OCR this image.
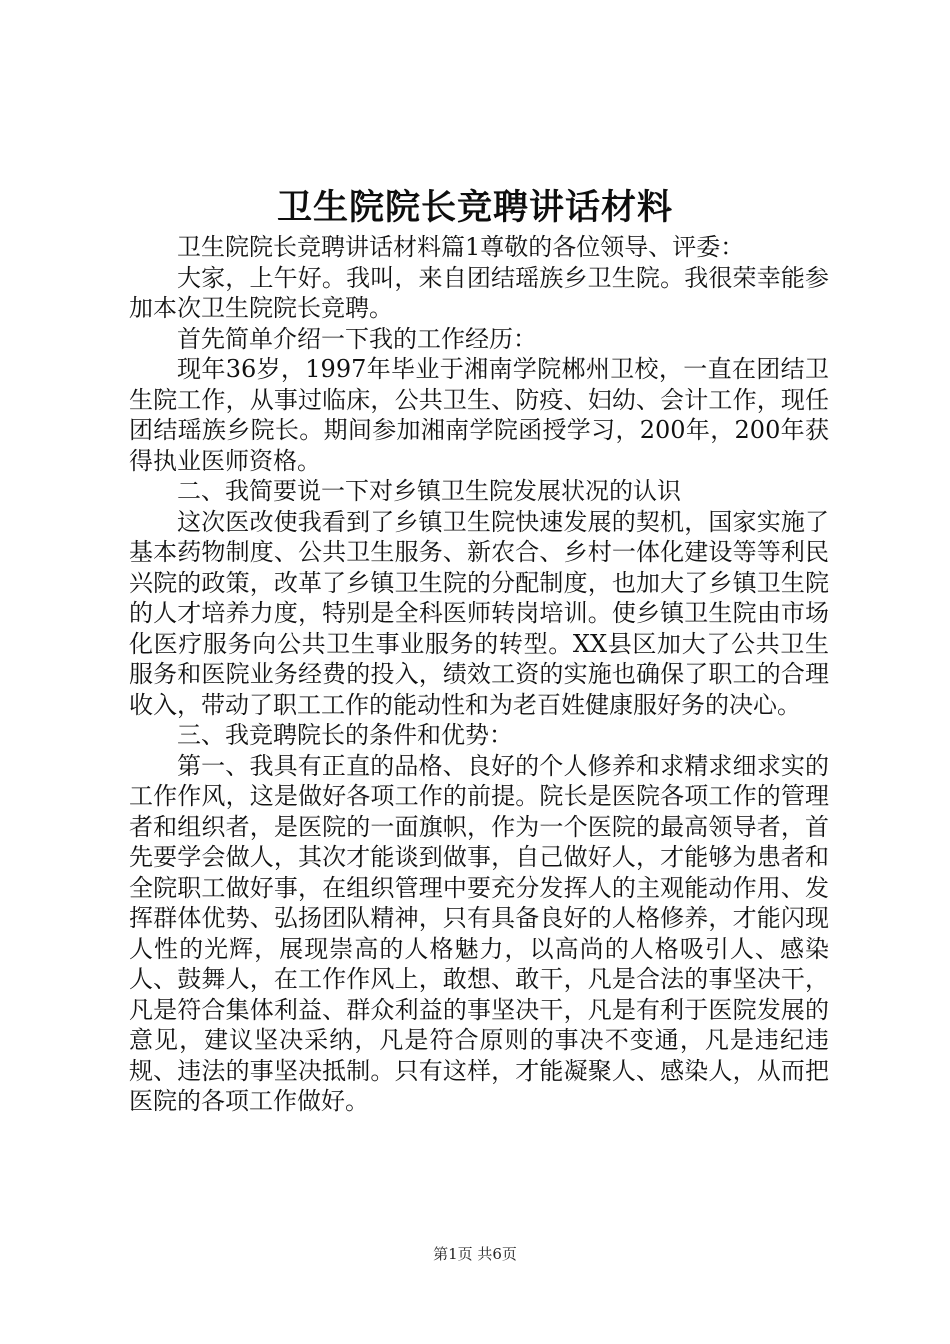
卫生院院长竞聘讲话材料

卫生院院长竞聘讲话材料篇1尊敬的各位领导、评委：

大家，上午好。我叫，来自团结瑶族乡卫生院。我很荣幸能参加本次卫生院院长竞聘。

首先简单介绍一下我的工作经历：

现年36岁，1997年毕业于湘南学院郴州卫校，一直在团结卫生院工作，从事过临床，公共卫生、防疫、妇幼、会计工作，现任团结瑶族乡院长。期间参加湘南学院函授学习，200年，200年获得执业医师资格。

二、我简要说一下对乡镇卫生院发展状况的认识

这次医改使我看到了乡镇卫生院快速发展的契机，国家实施了基本药物制度、公共卫生服务、新农合、乡村一体化建设等等利民兴院的政策，改革了乡镇卫生院的分配制度，也加大了乡镇卫生院的人才培养力度，特别是全科医师转岗培训。使乡镇卫生院由市场化医疗服务向公共卫生事业服务的转型。XX县区加大了公共卫生服务和医院业务经费的投入，绩效工资的实施也确保了职工的合理收入，带动了职工工作的能动性和为老百姓健康服好务的决心。

三、我竞聘院长的条件和优势：

第一、我具有正直的品格、良好的个人修养和求精求细求实的工作作风，这是做好各项工作的前提。院长是医院各项工作的管理者和组织者，是医院的一面旗帜，作为一个医院的最高领导者，首先要学会做人，其次才能谈到做事，自己做好人，才能够为患者和全院职工做好事，在组织管理中要充分发挥人的主观能动作用、发挥群体优势、弘扬团队精神，只有具备良好的人格修养，才能闪现人性的光辉，展现崇高的人格魅力，以高尚的人格吸引人、感染人、鼓舞人，在工作作风上，敢想、敢干，凡是合法的事坚决干，凡是符合集体利益、群众利益的事坚决干，凡是有利于医院发展的意见，建议坚决采纳，凡是符合原则的事决不变通，凡是违纪违规、违法的事坚决抵制。只有这样，才能凝聚人、感染人，从而把医院的各项工作做好。

第1页 共6页
